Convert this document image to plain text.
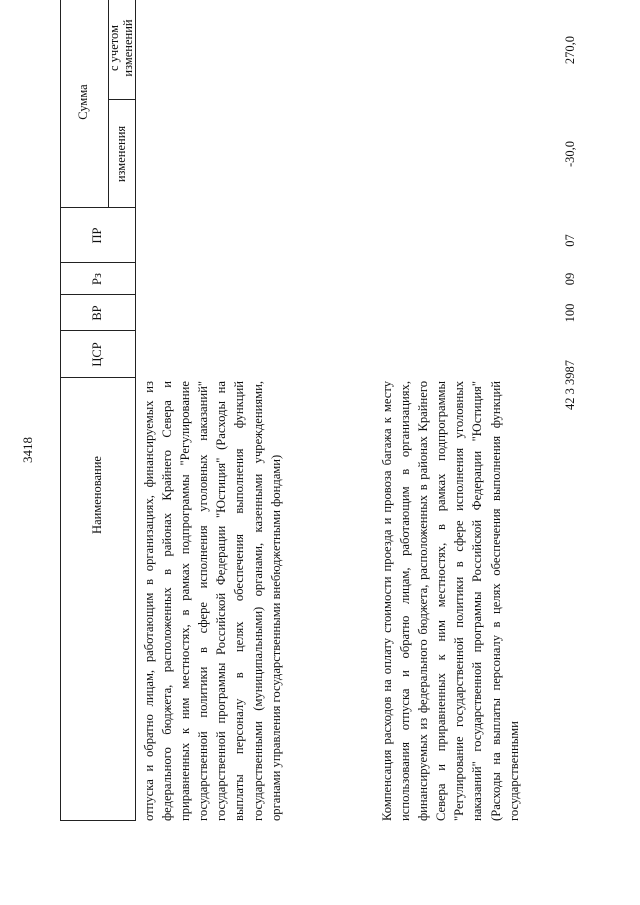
3418
Наименование
ЦСР
ВР
Рз
ПР
Сумма
изменения
с учетом изменений
отпуска и обратно лицам, работающим в организациях, финансируемых из федерального бюджета, расположенных в районах Крайнего Севера и приравненных к ним местностях, в рамках подпрограммы "Регулирование государственной политики в сфере исполнения уголовных наказаний" государственной программы Российской Федерации "Юстиция" (Расходы на выплаты персоналу в целях обеспечения выполнения функций государственными (муниципальными) органами, казенными учреждениями, органами управления государственными внебюджетными фондами)	Компенсация расходов на оплату стоимости проезда и провоза багажа к месту использования отпуска и обратно лицам, работающим в организациях, финансируемых из федерального бюджета, расположенных в районах Крайнего Севера и приравненных к ним местностях, в рамках подпрограммы "Регулирование государственной политики в сфере исполнения уголовных наказаний" государственной программы Российской Федерации "Юстиция" (Расходы на выплаты персоналу в целях обеспечения выполнения функций государственными
42 3 3987
100
09
07
-30,0
270,0
